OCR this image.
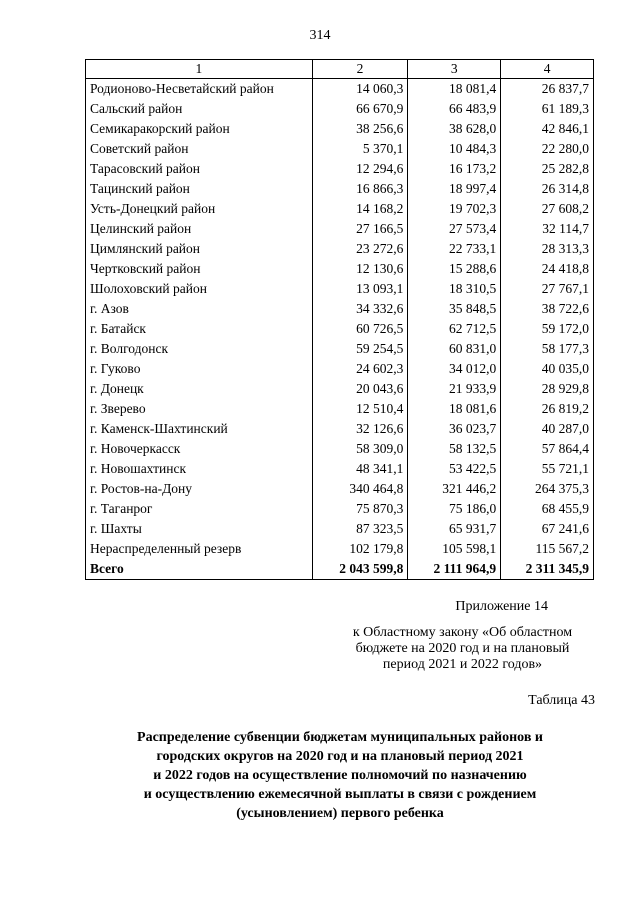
314
1	2	3	4
Родионово-Несветайский район	14 060,3	18 081,4	26 837,7
Сальский район	66 670,9	66 483,9	61 189,3
Семикаракорский район	38 256,6	38 628,0	42 846,1
Советский район	5 370,1	10 484,3	22 280,0
Тарасовский район	12 294,6	16 173,2	25 282,8
Тацинский район	16 866,3	18 997,4	26 314,8
Усть-Донецкий район	14 168,2	19 702,3	27 608,2
Целинский район	27 166,5	27 573,4	32 114,7
Цимлянский район	23 272,6	22 733,1	28 313,3
Чертковский район	12 130,6	15 288,6	24 418,8
Шолоховский район	13 093,1	18 310,5	27 767,1
г. Азов	34 332,6	35 848,5	38 722,6
г. Батайск	60 726,5	62 712,5	59 172,0
г. Волгодонск	59 254,5	60 831,0	58 177,3
г. Гуково	24 602,3	34 012,0	40 035,0
г. Донецк	20 043,6	21 933,9	28 929,8
г. Зверево	12 510,4	18 081,6	26 819,2
г. Каменск-Шахтинский	32 126,6	36 023,7	40 287,0
г. Новочеркасск	58 309,0	58 132,5	57 864,4
г. Новошахтинск	48 341,1	53 422,5	55 721,1
г. Ростов-на-Дону	340 464,8	321 446,2	264 375,3
г. Таганрог	75 870,3	75 186,0	68 455,9
г. Шахты	87 323,5	65 931,7	67 241,6
Нераспределенный резерв	102 179,8	105 598,1	115 567,2
Всего	2 043 599,8	2 111 964,9	2 311 345,9
Приложение 14
к Областному закону «Об областном
бюджете на 2020 год и на плановый
период 2021 и 2022 годов»
Таблица 43
Распределение субвенции бюджетам муниципальных районов и
городских округов на 2020 год и на плановый период 2021
и 2022 годов на осуществление полномочий по назначению
и осуществлению ежемесячной выплаты в связи с рождением
(усыновлением) первого ребенка
